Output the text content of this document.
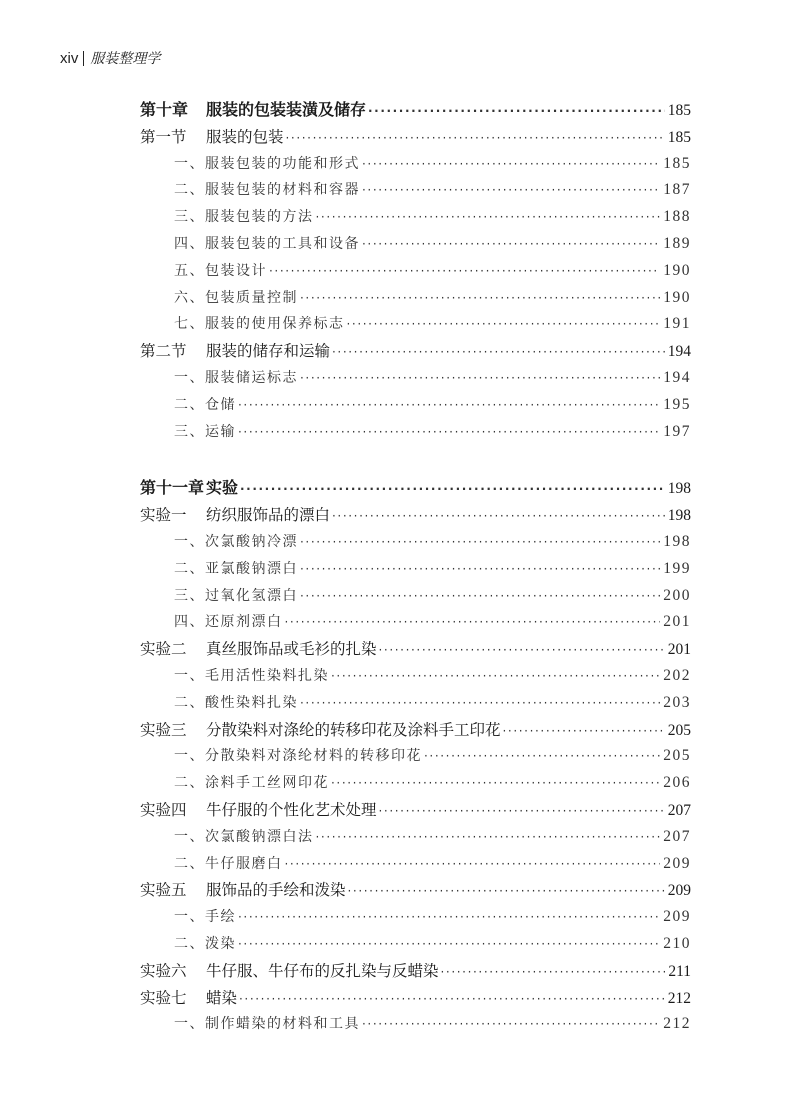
xiv 服装整理学
第十章 服装的包装装潢及储存 ·····	185
第一节 服装的包装 ·····	185
一、服装包装的功能和形式 ·····	185
二、服装包装的材料和容器 ·····	187
三、服装包装的方法 ·····	188
四、服装包装的工具和设备 ·····	189
五、包装设计 ·····	190
六、包装质量控制 ·····	190
七、服装的使用保养标志 ·····	191
第二节 服装的储存和运输 ·····	194
一、服装储运标志 ·····	194
二、仓储 ·····	195
三、运输 ·····	197
第十一章 实验 ·····	198
实验一 纺织服饰品的漂白 ·····	198
一、次氯酸钠冷漂 ·····	198
二、亚氯酸钠漂白 ·····	199
三、过氧化氢漂白 ·····	200
四、还原剂漂白 ·····	201
实验二 真丝服饰品或毛衫的扎染 ·····	201
一、毛用活性染料扎染 ·····	202
二、酸性染料扎染 ·····	203
实验三 分散染料对涤纶的转移印花及涂料手工印花 ·····	205
一、分散染料对涤纶材料的转移印花 ·····	205
二、涂料手工丝网印花 ·····	206
实验四 牛仔服的个性化艺术处理 ·····	207
一、次氯酸钠漂白法 ·····	207
二、牛仔服磨白 ·····	209
实验五 服饰品的手绘和泼染 ·····	209
一、手绘 ·····	209
二、泼染 ·····	210
实验六 牛仔服、牛仔布的反扎染与反蜡染 ·····	211
实验七 蜡染 ·····	212
一、制作蜡染的材料和工具 ·····	212
